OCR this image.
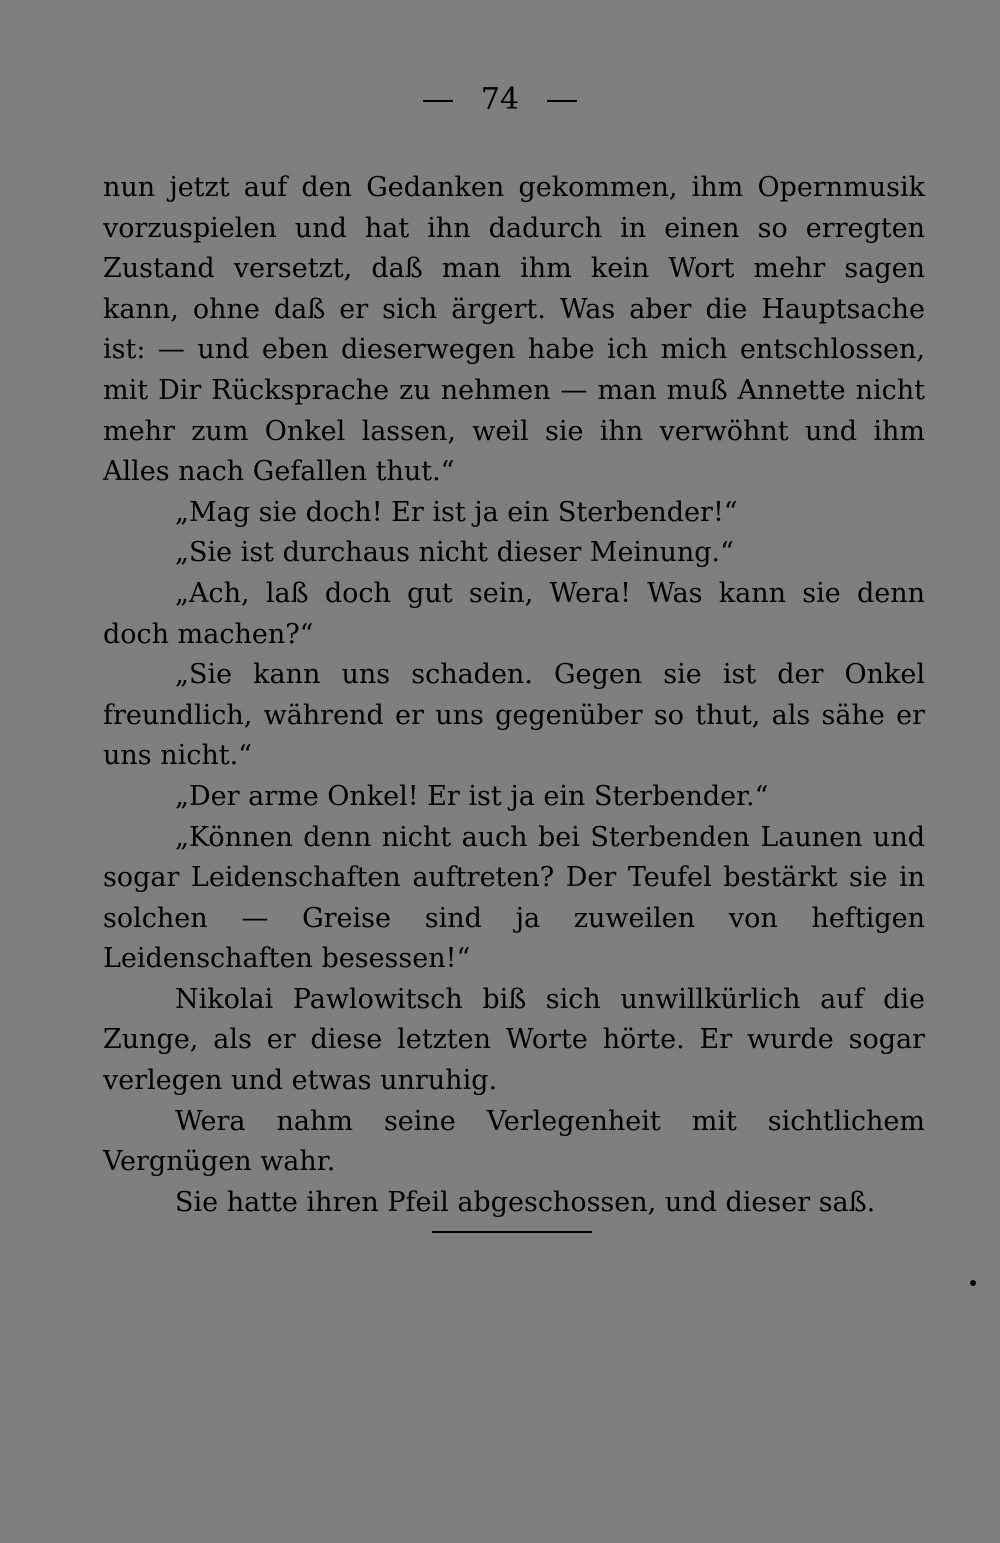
74

nun jetzt auf den Gedanken gekommen, ihm Opernmusik vorzuspielen und hat ihn dadurch in einen so erregten Zustand versetzt, daß man ihm kein Wort mehr sagen kann, ohne daß er sich ärgert. Was aber die Hauptsache ist: — und eben dieserwegen habe ich mich entschlossen, mit Dir Rücksprache zu nehmen — man muß Annette nicht mehr zum Onkel lassen, weil sie ihn verwöhnt und ihm Alles nach Gefallen thut.“

„Mag sie doch! Er ist ja ein Sterbender!“

„Sie ist durchaus nicht dieser Meinung.“

„Ach, laß doch gut sein, Wera! Was kann sie denn doch machen?“

„Sie kann uns schaden. Gegen sie ist der Onkel freundlich, während er uns gegenüber so thut, als sähe er uns nicht.“

„Der arme Onkel! Er ist ja ein Sterbender.“

„Können denn nicht auch bei Sterbenden Launen und sogar Leidenschaften auftreten? Der Teufel bestärkt sie in solchen — Greise sind ja zuweilen von heftigen Leidenschaften besessen!“

Nikolai Pawlowitsch biß sich unwillkürlich auf die Zunge, als er diese letzten Worte hörte. Er wurde sogar verlegen und etwas unruhig.

Wera nahm seine Verlegenheit mit sichtlichem Vergnügen wahr.

Sie hatte ihren Pfeil abgeschossen, und dieser saß.
